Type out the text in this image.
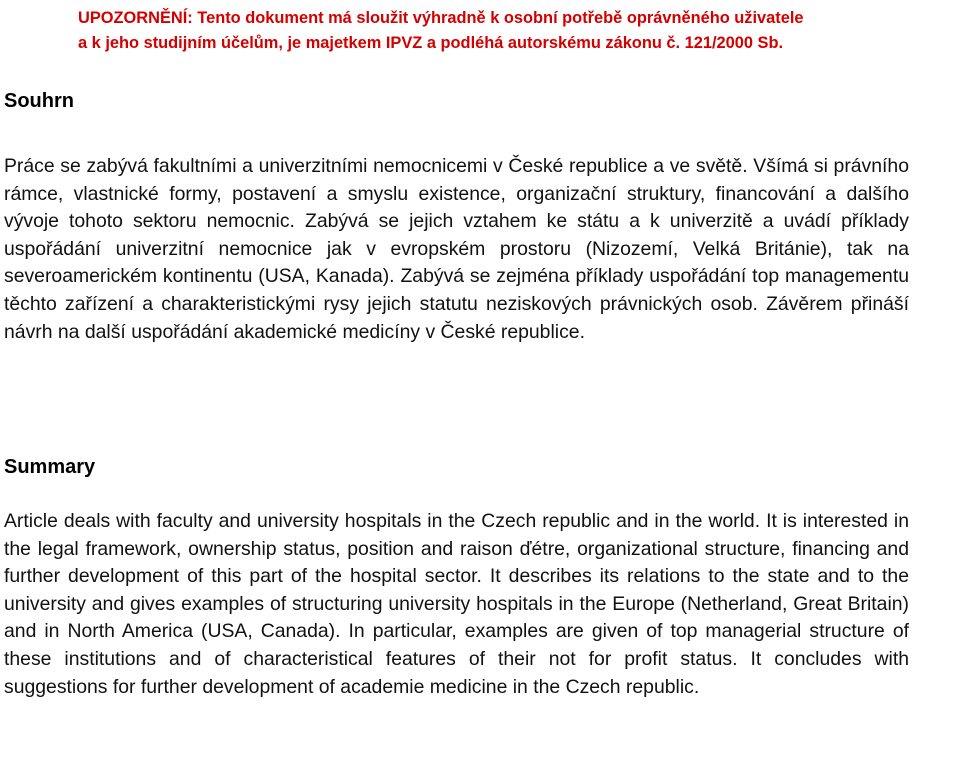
UPOZORNĚNÍ: Tento dokument má sloužit výhradně k osobní potřebě oprávněného uživatele
a k jeho studijním účelům, je majetkem IPVZ a podléhá autorskému zákonu č. 121/2000 Sb.
Souhrn

Práce se zabývá fakultními a univerzitními nemocnicemi v České republice a ve světě. Všímá si právního rámce, vlastnické formy, postavení a smyslu existence, organizační struktury, financování a dalšího vývoje tohoto sektoru nemocnic. Zabývá se jejich vztahem ke státu a k univerzitě a uvádí příklady uspořádání univerzitní nemocnice jak v evropském prostoru (Nizozemí, Velká Británie), tak na severoamerickém kontinentu (USA, Kanada). Zabývá se zejména příklady uspořádání top managementu těchto zařízení a charakteristickými rysy jejich statutu neziskových právnických osob. Závěrem přináší návrh na další uspořádání akademické medicíny v České republice.

Summary

Article deals with faculty and university hospitals in the Czech republic and in the world. It is interested in the legal framework, ownership status, position and raison ďétre, organizational structure, financing and further development of this part of the hospital sector. It describes its relations to the state and to the university and gives examples of structuring university hospitals in the Europe (Netherland, Great Britain) and in North America (USA, Canada). In particular, examples are given of top managerial structure of these institutions and of characteristical features of their not for profit status. It concludes with suggestions for further development of academie medicine in the Czech republic.
